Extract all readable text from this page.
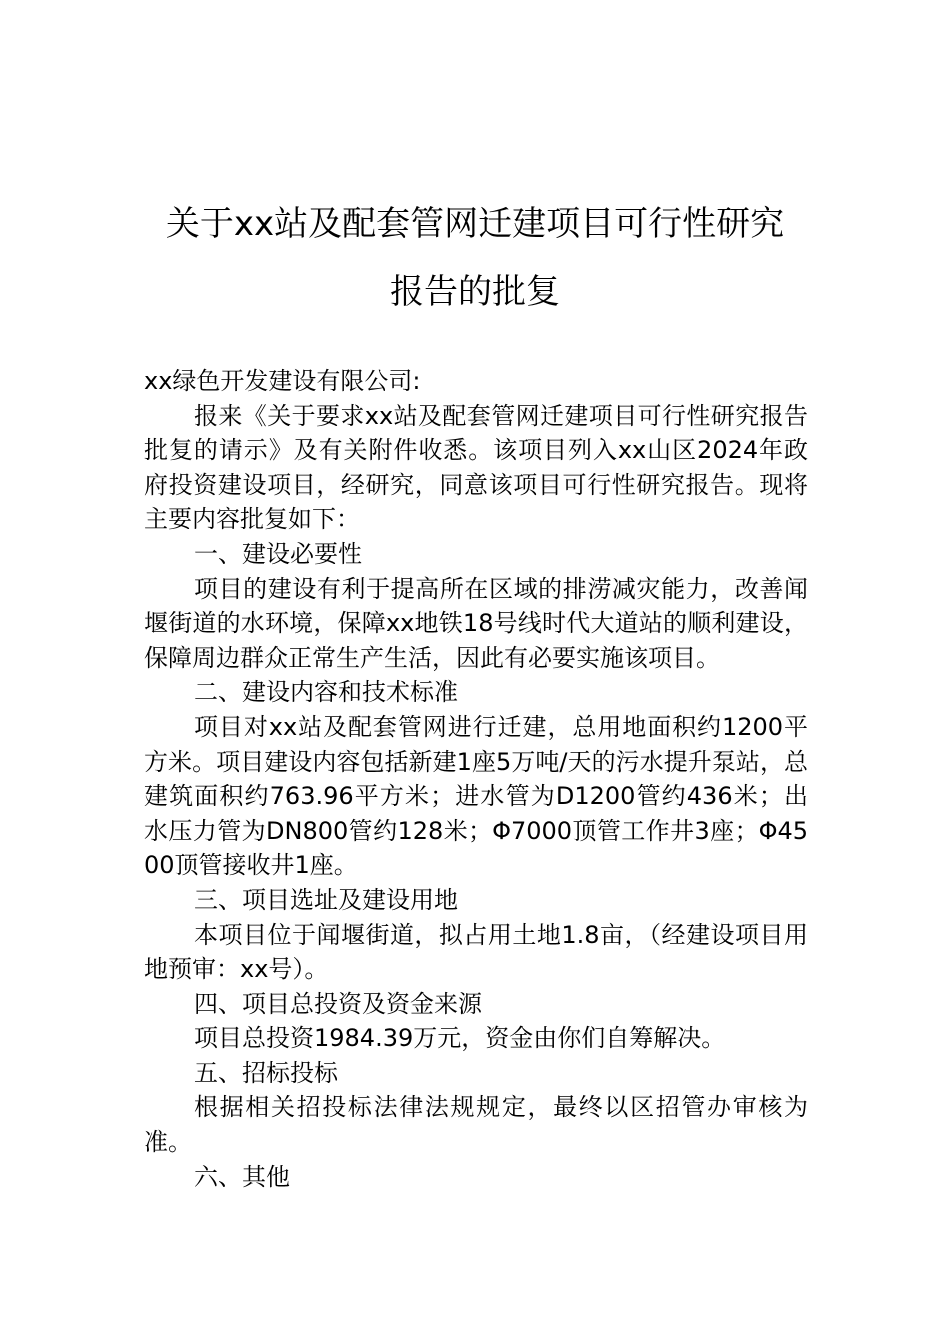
关于xx站及配套管网迁建项目可行性研究
报告的批复

xx绿色开发建设有限公司:

报来《关于要求xx站及配套管网迁建项目可行性研究报告批复的请示》及有关附件收悉。该项目列入xx山区2024年政府投资建设项目，经研究，同意该项目可行性研究报告。现将主要内容批复如下：

一、建设必要性

项目的建设有利于提高所在区域的排涝减灾能力，改善闻堰街道的水环境，保障xx地铁18号线时代大道站的顺利建设，保障周边群众正常生产生活，因此有必要实施该项目。

二、建设内容和技术标准

项目对xx站及配套管网进行迁建，总用地面积约1200平方米。项目建设内容包括新建1座5万吨/天的污水提升泵站，总建筑面积约763.96平方米；进水管为D1200管约436米；出水压力管为DN800管约128米；Φ7000顶管工作井3座；Φ4500顶管接收井1座。

三、项目选址及建设用地

本项目位于闻堰街道，拟占用土地1.8亩，（经建设项目用地预审：xx号）。

四、项目总投资及资金来源

项目总投资1984.39万元，资金由你们自筹解决。

五、招标投标

根据相关招投标法律法规规定，最终以区招管办审核为准。

六、其他
